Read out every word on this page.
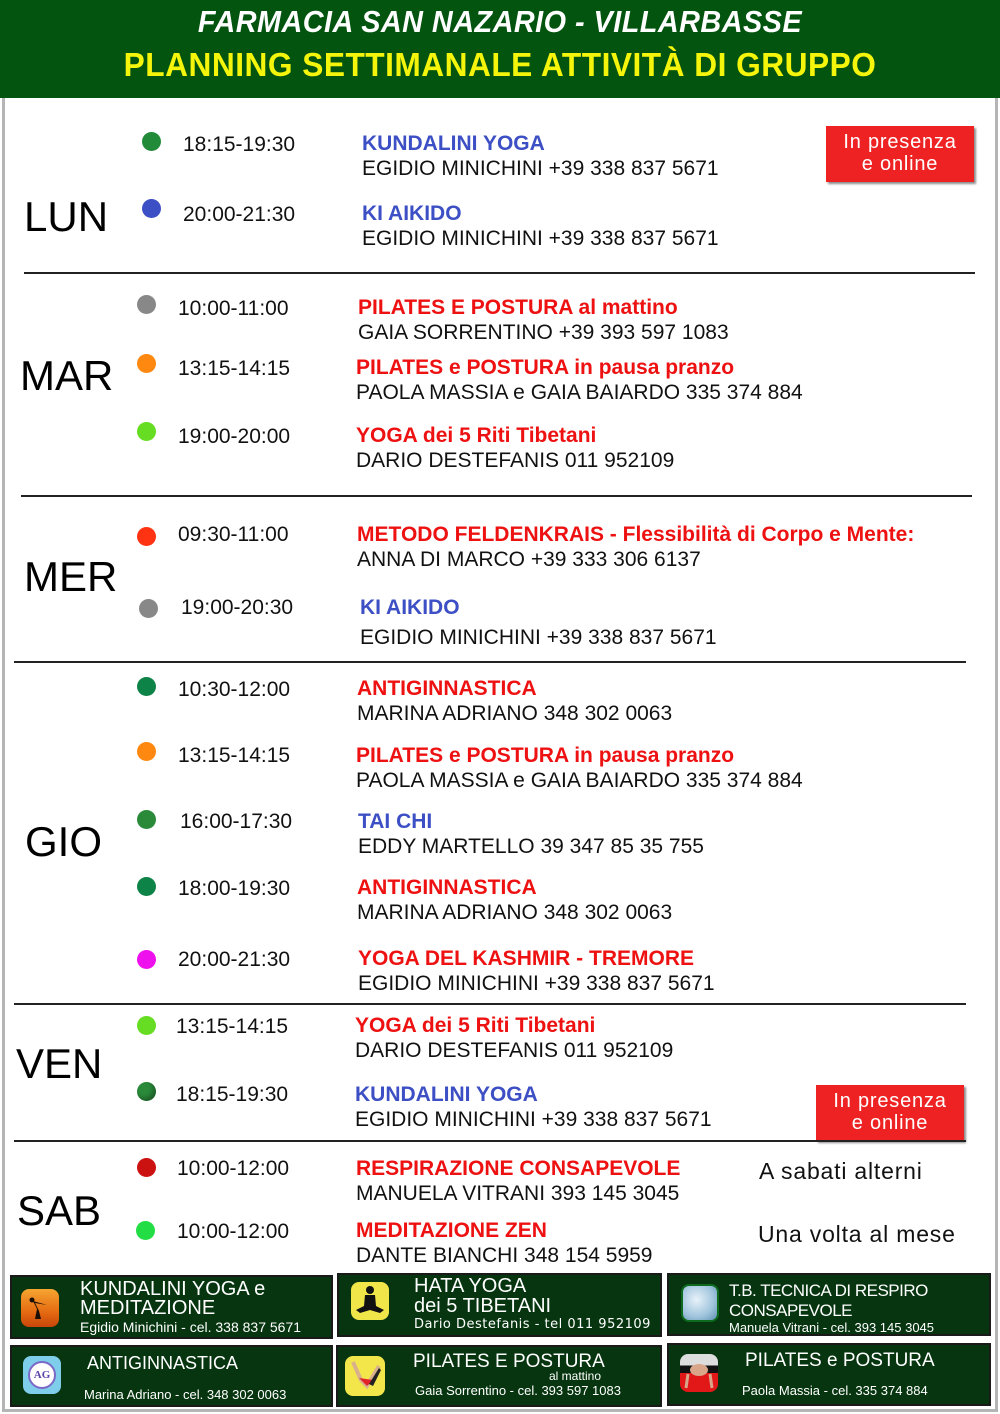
FARMACIA SAN NAZARIO - VILLARBASSE
PLANNING SETTIMANALE ATTIVITÀ DI GRUPPO
LUN
18:15-19:30	KUNDALINI YOGA
EGIDIO MINICHINI +39 338 837 5671
In presenza
e online
20:00-21:30	KI AIKIDO
EGIDIO MINICHINI +39 338 837 5671
MAR
10:00-11:00	PILATES E POSTURA al mattino
GAIA SORRENTINO +39 393 597 1083
13:15-14:15	PILATES e POSTURA in pausa pranzo
PAOLA MASSIA e GAIA BAIARDO 335 374 884
19:00-20:00	YOGA dei 5 Riti Tibetani
DARIO DESTEFANIS 011 952109
MER
09:30-11:00	METODO FELDENKRAIS - Flessibilità di Corpo e Mente:
ANNA DI MARCO +39 333 306 6137
19:00-20:30	KI AIKIDO
EGIDIO MINICHINI +39 338 837 5671
GIO
10:30-12:00	ANTIGINNASTICA
MARINA ADRIANO 348 302 0063
13:15-14:15	PILATES e POSTURA in pausa pranzo
PAOLA MASSIA e GAIA BAIARDO 335 374 884
16:00-17:30	TAI CHI
EDDY MARTELLO 39 347 85 35 755
18:00-19:30	ANTIGINNASTICA
MARINA ADRIANO 348 302 0063
20:00-21:30	YOGA DEL KASHMIR - TREMORE
EGIDIO MINICHINI +39 338 837 5671
VEN
13:15-14:15	YOGA dei 5 Riti Tibetani
DARIO DESTEFANIS 011 952109
18:15-19:30	KUNDALINI YOGA
EGIDIO MINICHINI +39 338 837 5671
In presenza
e online
SAB
10:00-12:00	RESPIRAZIONE CONSAPEVOLE
MANUELA VITRANI 393 145 3045
A sabati alterni
10:00-12:00	MEDITAZIONE ZEN
DANTE BIANCHI 348 154 5959
Una volta al mese
KUNDALINI YOGA e
MEDITAZIONE
Egidio Minichini - cel. 338 837 5671
HATA YOGA
dei 5 TIBETANI
Dario Destefanis - tel 011 952109
T.B. TECNICA DI RESPIRO
CONSAPEVOLE
Manuela Vitrani - cel. 393 145 3045
AG
ANTIGINNASTICA
Marina Adriano - cel. 348 302 0063
PILATES E POSTURA
al mattino
Gaia Sorrentino - cel. 393 597 1083
PILATES e POSTURA
Paola Massia - cel. 335 374 884
